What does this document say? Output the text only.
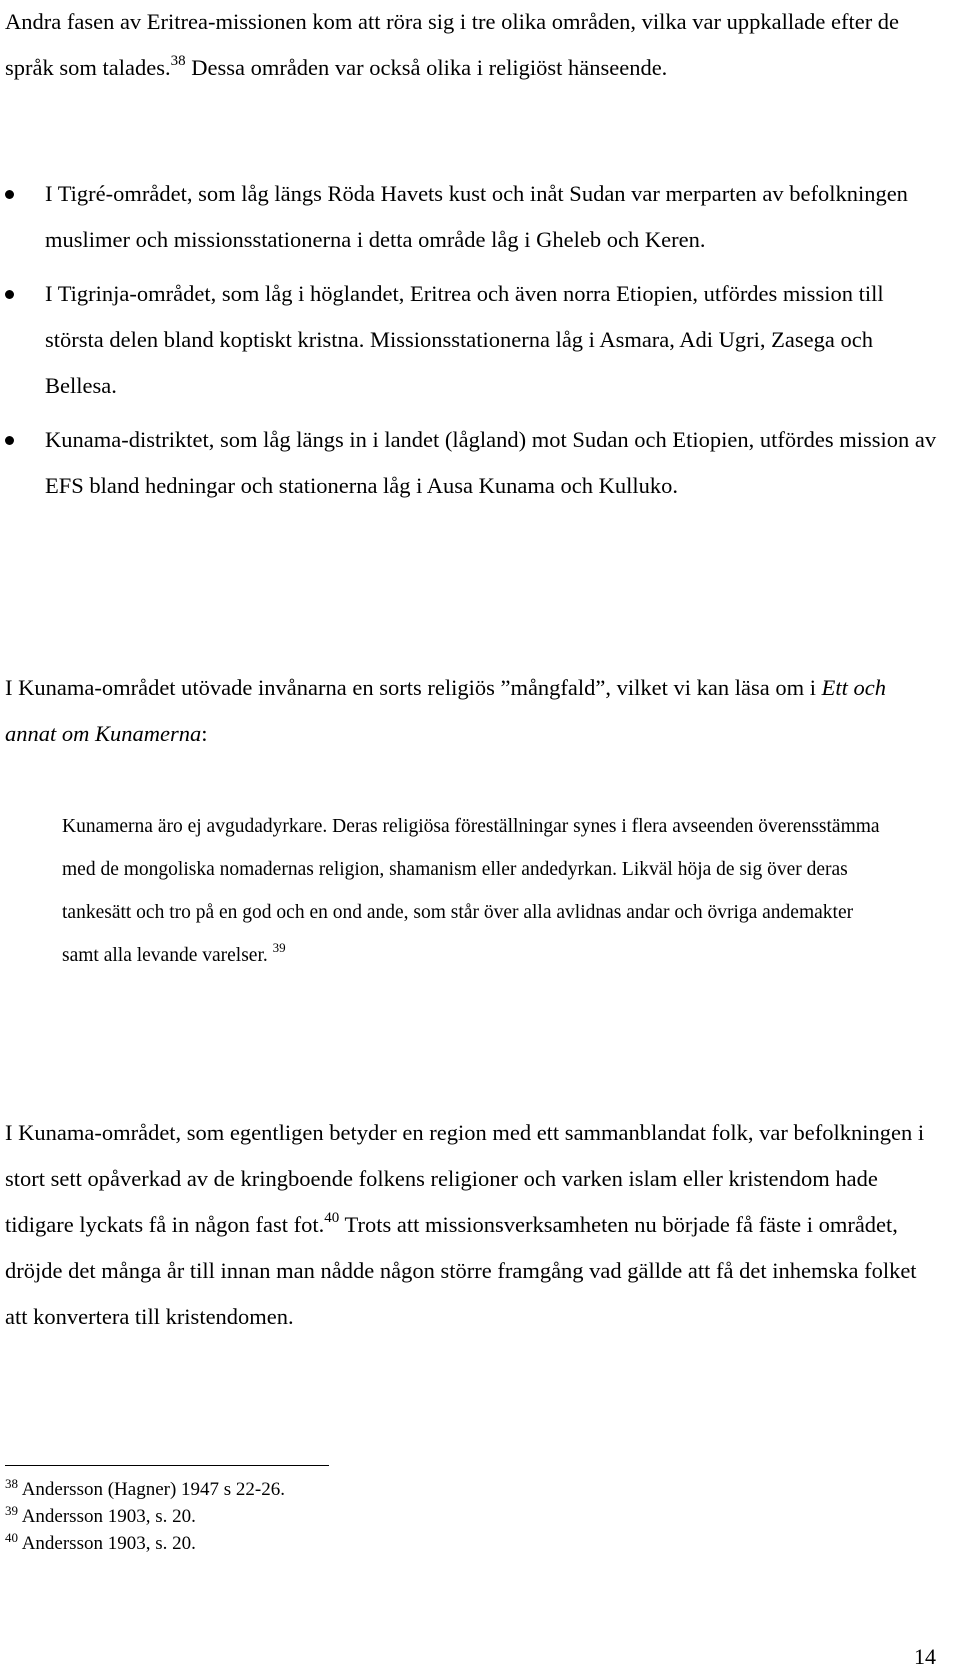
Andra fasen av Eritrea-missionen kom att röra sig i tre olika områden, vilka var uppkallade efter de språk som talades.$^{38}$ Dessa områden var också olika i religiöst hänseende.

I Tigré-området, som låg längs Röda Havets kust och inåt Sudan var merparten av befolkningen muslimer och missionsstationerna i detta område låg i Gheleb och Keren.
I Tigrinja-området, som låg i höglandet, Eritrea och även norra Etiopien, utfördes mission till största delen bland koptiskt kristna. Missionsstationerna låg i Asmara, Adi Ugri, Zasega och Bellesa.
Kunama-distriktet, som låg längs in i landet (lågland) mot Sudan och Etiopien, utfördes mission av EFS bland hedningar och stationerna låg i Ausa Kunama och Kulluko.

I Kunama-området utövade invånarna en sorts religiös ”mångfald”, vilket vi kan läsa om i Ett och annat om Kunamerna:

Kunamerna äro ej avgudadyrkare. Deras religiösa föreställningar synes i flera avseenden överensstämma med de mongoliska nomadernas religion, shamanism eller andedyrkan. Likväl höja de sig över deras tankesätt och tro på en god och en ond ande, som står över alla avlidnas andar och övriga andemakter samt alla levande varelser. $^{39}$

I Kunama-området, som egentligen betyder en region med ett sammanblandat folk, var befolkningen i stort sett opåverkad av de kringboende folkens religioner och varken islam eller kristendom hade tidigare lyckats få in någon fast fot.$^{40}$ Trots att missionsverksamheten nu började få fäste i området, dröjde det många år till innan man nådde någon större framgång vad gällde att få det inhemska folket att konvertera till kristendomen.

$^{38}$ Andersson (Hagner) 1947 s 22-26.
$^{39}$ Andersson 1903, s. 20.
$^{40}$ Andersson 1903, s. 20.
14
